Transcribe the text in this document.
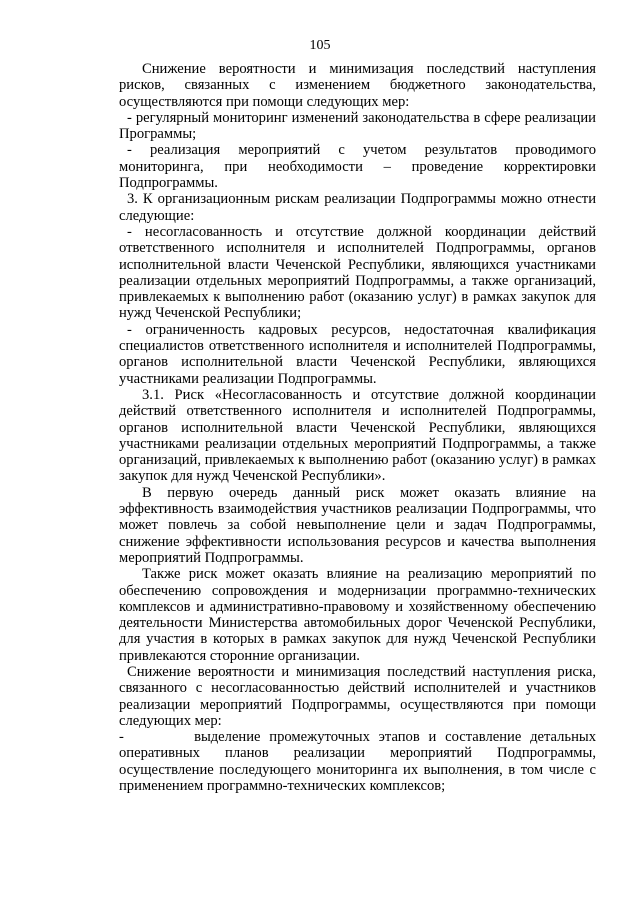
105

Снижение вероятности и минимизация последствий наступления рисков, связанных с изменением бюджетного законодательства, осуществляются при помощи следующих мер:

- регулярный мониторинг изменений законодательства в сфере реализации Программы;

- реализация мероприятий с учетом результатов проводимого мониторинга, при необходимости – проведение корректировки Подпрограммы.

3. К организационным рискам реализации Подпрограммы можно отнести следующие:

- несогласованность и отсутствие должной координации действий ответственного исполнителя и исполнителей Подпрограммы, органов исполнительной власти Чеченской Республики, являющихся участниками реализации отдельных мероприятий Подпрограммы, а также организаций, привлекаемых к выполнению работ (оказанию услуг) в рамках закупок для нужд Чеченской Республики;

- ограниченность кадровых ресурсов, недостаточная квалификация специалистов ответственного исполнителя и исполнителей Подпрограммы, органов исполнительной власти Чеченской Республики, являющихся участниками реализации Подпрограммы.

3.1. Риск «Несогласованность и отсутствие должной координации действий ответственного исполнителя и исполнителей Подпрограммы, органов исполнительной власти Чеченской Республики, являющихся участниками реализации отдельных мероприятий Подпрограммы, а также организаций, привлекаемых к выполнению работ (оказанию услуг) в рамках закупок для нужд Чеченской Республики».

В первую очередь данный риск может оказать влияние на эффективность взаимодействия участников реализации Подпрограммы, что может повлечь за собой невыполнение цели и задач Подпрограммы, снижение эффективности использования ресурсов и качества выполнения мероприятий Подпрограммы.

Также риск может оказать влияние на реализацию мероприятий по обеспечению сопровождения и модернизации программно-технических комплексов и административно-правовому и хозяйственному обеспечению деятельности Министерства автомобильных дорог Чеченской Республики, для участия в которых в рамках закупок для нужд Чеченской Республики привлекаются сторонние организации.

Снижение вероятности и минимизация последствий наступления риска, связанного с несогласованностью действий исполнителей и участников реализации мероприятий Подпрограммы, осуществляются при помощи следующих мер:

-	выделение промежуточных этапов и составление детальных оперативных планов реализации мероприятий Подпрограммы, осуществление последующего мониторинга их выполнения, в том числе с применением программно-технических комплексов;
